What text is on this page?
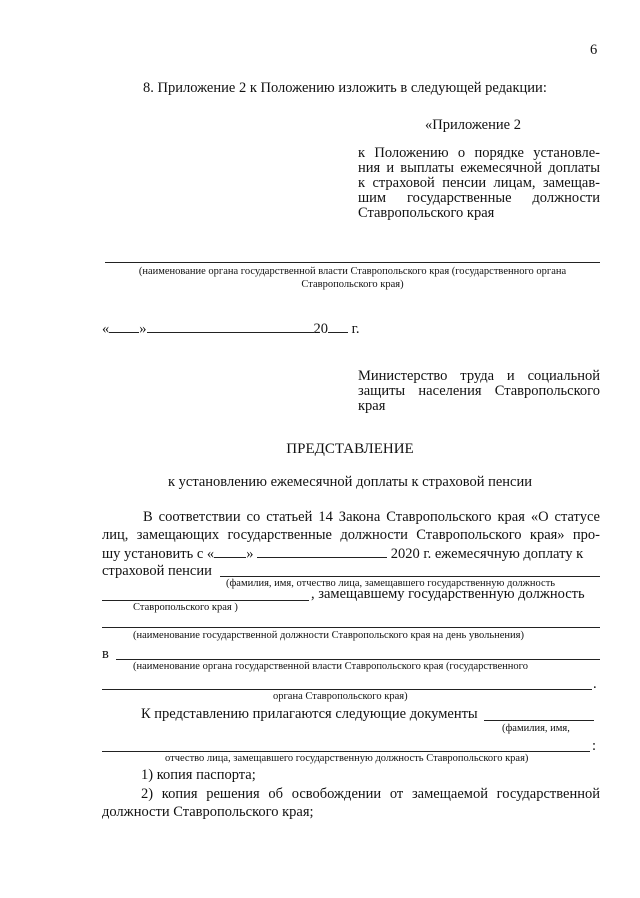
6
8. Приложение 2 к Положению изложить в следующей редакции:
«Приложение 2
к Положению о порядке установле-
ния и выплаты ежемесячной доплаты
к страховой пенсии лицам, замещав-
шим государственные должности
Ставропольского края
(наименование органа государственной власти Ставропольского края (государственного органа
Ставропольского края)
« »	20 г.
Министерство труда и социальной
защиты населения Ставропольского
края
ПРЕДСТАВЛЕНИЕ
к установлению ежемесячной доплаты к страховой пенсии
В соответствии со статьей 14 Закона Ставропольского края «О статусе
лиц, замещающих государственные должности Ставропольского края» про-
шу установить с « »	2020 г. ежемесячную доплату к
страховой пенсии
(фамилия, имя, отчество лица, замещавшего государственную должность
, замещавшему государственную должность
Ставропольского края )
(наименование государственной должности Ставропольского края на день увольнения)
в
(наименование органа государственной власти Ставропольского края (государственного
.
органа Ставропольского края)
К представлению прилагаются следующие документы
(фамилия, имя,
:
отчество лица, замещавшего государственную должность Ставропольского края)
1) копия паспорта;
2) копия решения об освобождении от замещаемой государственной
должности Ставропольского края;
